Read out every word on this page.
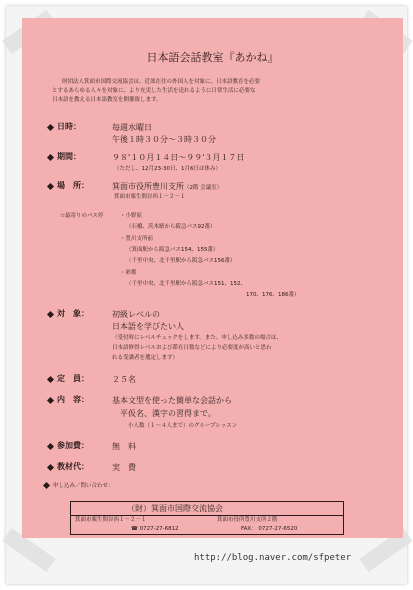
日本語会話教室『あかね』
財団法人箕面市国際交流協会は、近郊在住の外国人を対象に、日本語教育を必要
とするあらゆる人々を対象に、より充実した生活を送れるように日常生活に必要な
日本語を教える日本語教室を開催致します。
日時：	毎週水曜日
午後１時３０分～３時３０分
期間：	９８'１０月１４日～９９'３月１７日
（ただし、12月23-30日、1月6日は休み）
場　所：	箕面市役所豊川支所（2階 会議室）
箕面市粟生間谷西１－２－１
☆最寄りのバス停	・小野原
（石橋、茨木駅から阪急バス92番）
・豊川支所前
（箕面駅から阪急バス154、155番）
（千里中央、北千里駅から阪急バス156番）
・彩都
（千里中央、北千里駅から阪急バス151、152、
170、176、186番）
対　象：	初級レベルの
日本語を学びたい人
（受付時にレベルチェックをします。また、申し込み多数の場合は、
日本語修得レベルおよび滞在日数などにより必要度が高いと思わ
れる受講者を選定します）
定　員：	２５名
内　容：	基本文型を使った簡単な会話から
平仮名、漢字の習得まで。
小人数（１～４人まで）のグループレッスン
参加費：	無　料
教材代：	実　費
申し込み／問い合わせ：
（財）箕面市国際交流協会
箕面市粟生間谷西１－２－１	箕面市役所豊川支所２階
☎ 0727-27-6812	FAX： 0727-27-6520
http://blog.naver.com/sfpeter
